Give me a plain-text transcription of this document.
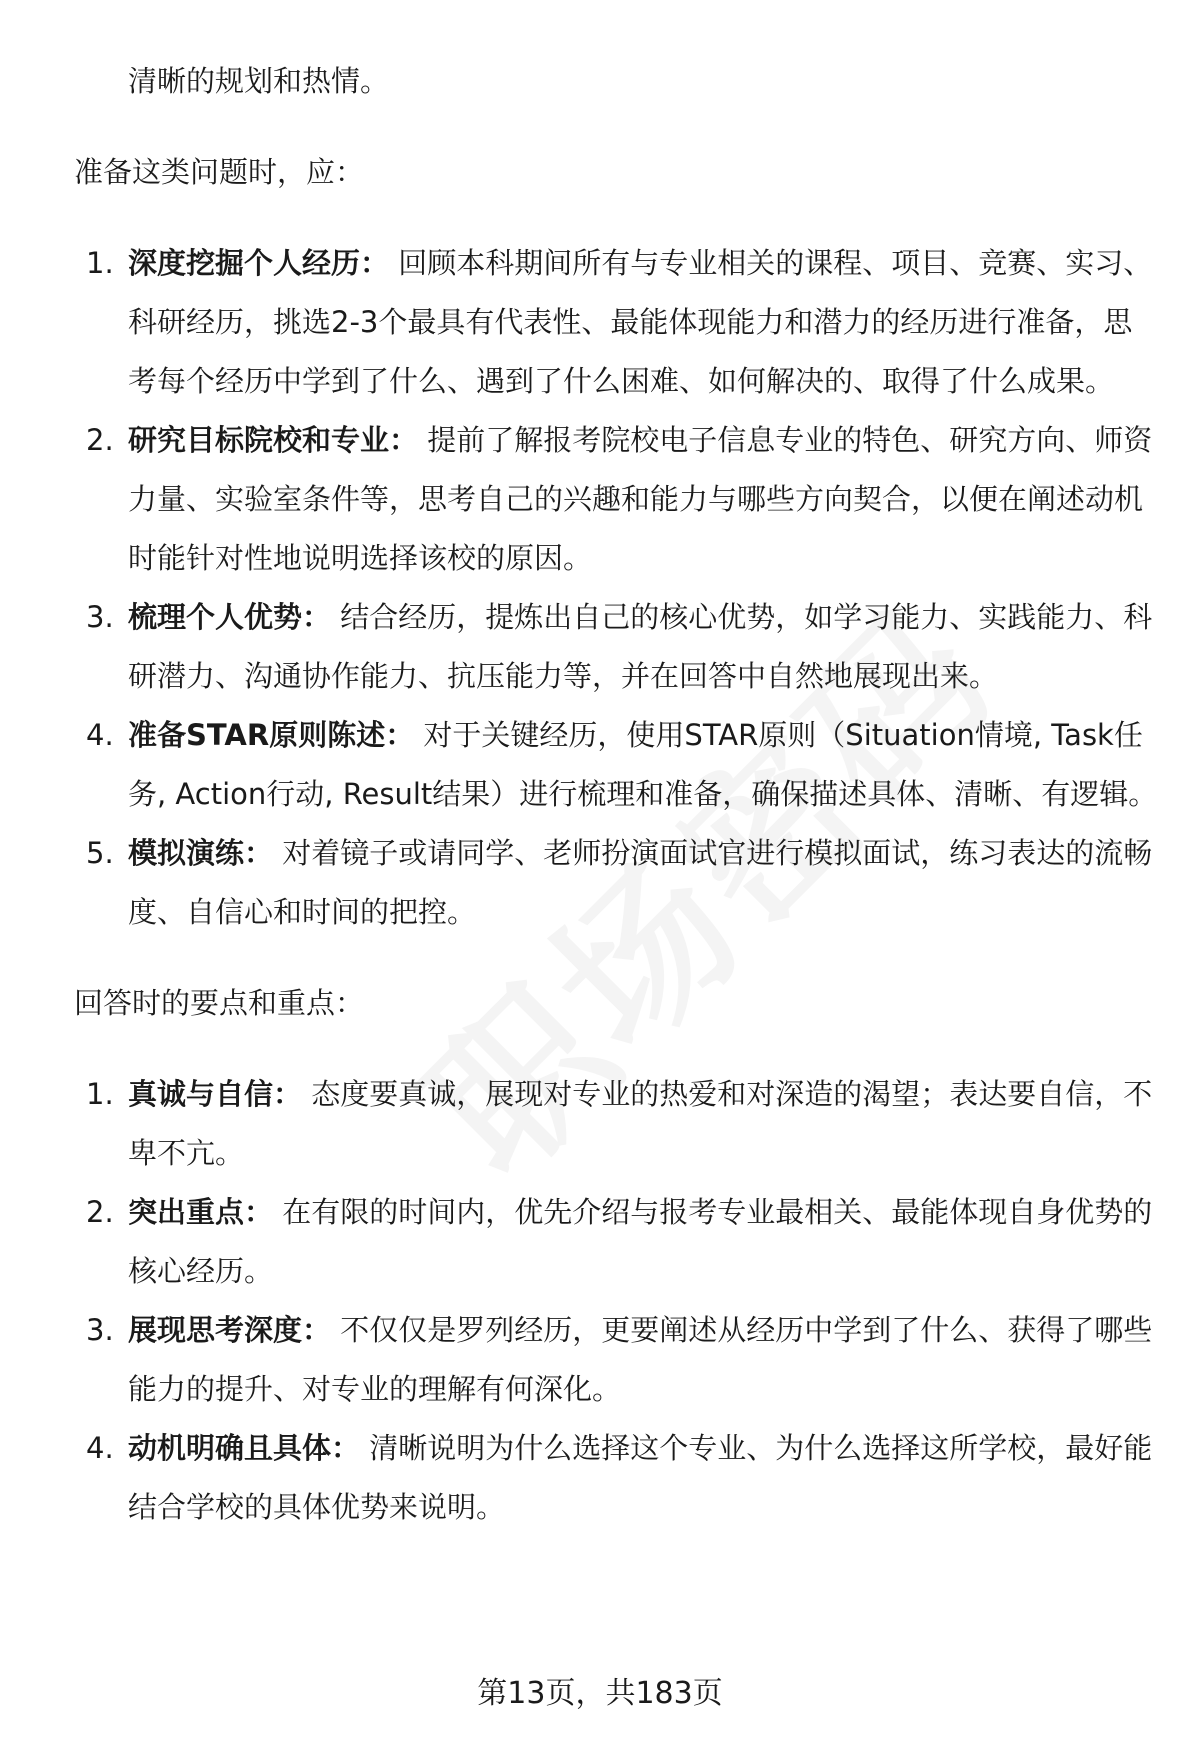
清晰的规划和热情。

准备这类问题时，应：

1. 深度挖掘个人经历： 回顾本科期间所有与专业相关的课程、项目、竞赛、实习、科研经历，挑选2-3个最具有代表性、最能体现能力和潜力的经历进行准备，思考每个经历中学到了什么、遇到了什么困难、如何解决的、取得了什么成果。
2. 研究目标院校和专业： 提前了解报考院校电子信息专业的特色、研究方向、师资力量、实验室条件等，思考自己的兴趣和能力与哪些方向契合，以便在阐述动机时能针对性地说明选择该校的原因。
3. 梳理个人优势： 结合经历，提炼出自己的核心优势，如学习能力、实践能力、科研潜力、沟通协作能力、抗压能力等，并在回答中自然地展现出来。
4. 准备STAR原则陈述： 对于关键经历，使用STAR原则（Situation情境, Task任务, Action行动, Result结果）进行梳理和准备，确保描述具体、清晰、有逻辑。
5. 模拟演练： 对着镜子或请同学、老师扮演面试官进行模拟面试，练习表达的流畅度、自信心和时间的把控。

回答时的要点和重点：

1. 真诚与自信： 态度要真诚，展现对专业的热爱和对深造的渴望；表达要自信，不卑不亢。
2. 突出重点： 在有限的时间内，优先介绍与报考专业最相关、最能体现自身优势的核心经历。
3. 展现思考深度： 不仅仅是罗列经历，更要阐述从经历中学到了什么、获得了哪些能力的提升、对专业的理解有何深化。
4. 动机明确且具体： 清晰说明为什么选择这个专业、为什么选择这所学校，最好能结合学校的具体优势来说明。
第13页，共183页
